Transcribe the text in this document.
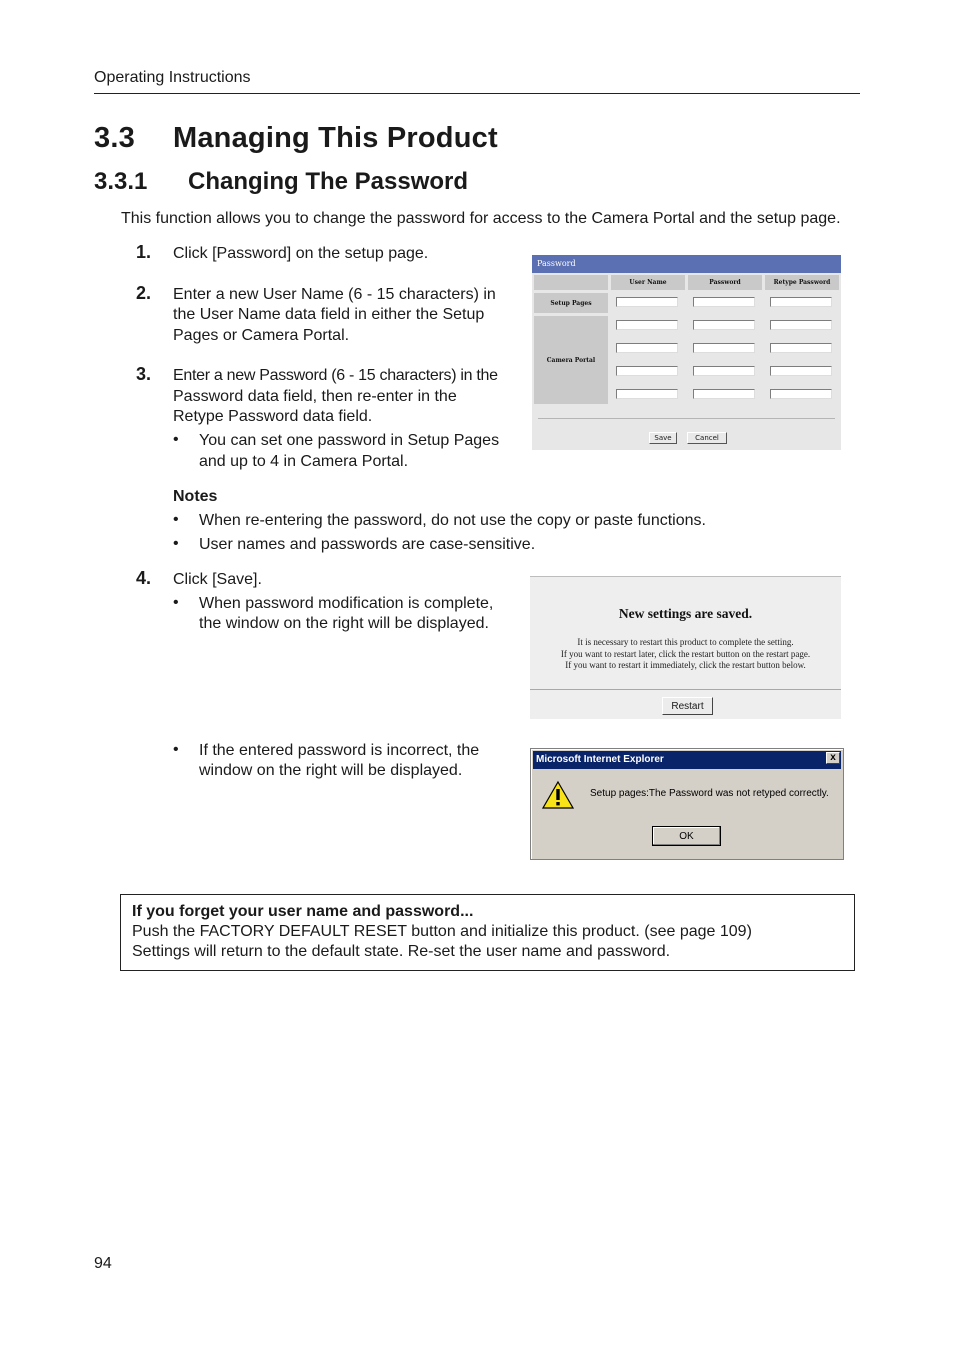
Operating Instructions
3.3 Managing This Product
3.3.1 Changing The Password
This function allows you to change the password for access to the Camera Portal and the setup page.
1. Click [Password] on the setup page.
2. Enter a new User Name (6 - 15 characters) in
the User Name data field in either the Setup
Pages or Camera Portal.
3. Enter a new Password (6 - 15 characters) in the
Password data field, then re-enter in the
Retype Password data field.
• You can set one password in Setup Pages
and up to 4 in Camera Portal.
Notes
• When re-entering the password, do not use the copy or paste functions.
• User names and passwords are case-sensitive.
4. Click [Save].
• When password modification is complete,
the window on the right will be displayed.
• If the entered password is incorrect, the
window on the right will be displayed.
Password
User Name	Password	Retype Password
Setup Pages
Camera Portal
Save	Cancel
New settings are saved.
It is necessary to restart this product to complete the setting.
If you want to restart later, click the restart button on the restart page.
If you want to restart it immediately, click the restart button below.
Restart
Microsoft Internet Explorer	x
Setup pages:The Password was not retyped correctly.
OK
If you forget your user name and password...
Push the FACTORY DEFAULT RESET button and initialize this product. (see page 109)
Settings will return to the default state. Re-set the user name and password.
94
